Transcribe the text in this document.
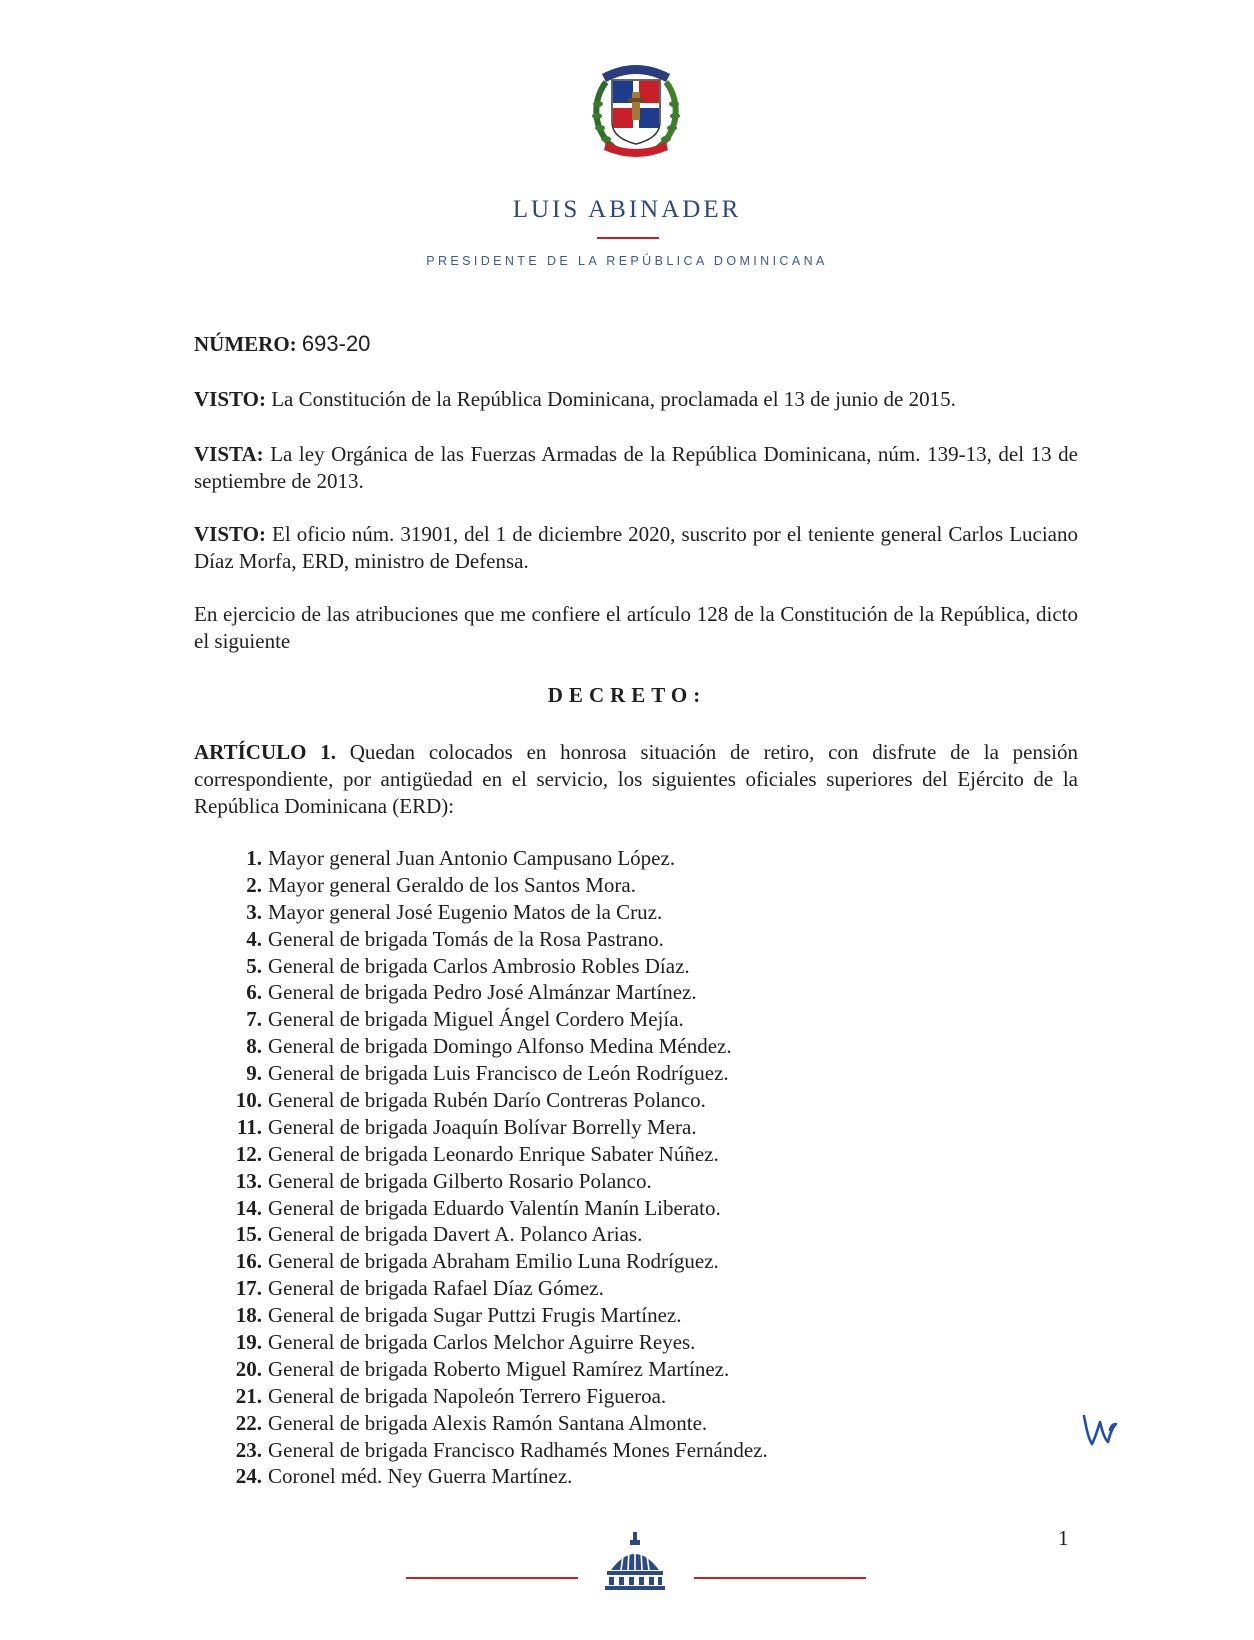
LUIS ABINADER
PRESIDENTE DE LA REPÚBLICA DOMINICANA
NÚMERO: 693-20
VISTO: La Constitución de la República Dominicana, proclamada el 13 de junio de 2015.
VISTA: La ley Orgánica de las Fuerzas Armadas de la República Dominicana, núm. 139-13, del 13 de septiembre de 2013.
VISTO: El oficio núm. 31901, del 1 de diciembre 2020, suscrito por el teniente general Carlos Luciano Díaz Morfa, ERD, ministro de Defensa.
En ejercicio de las atribuciones que me confiere el artículo 128 de la Constitución de la República, dicto el siguiente
DECRETO:
ARTÍCULO 1. Quedan colocados en honrosa situación de retiro, con disfrute de la pensión correspondiente, por antigüedad en el servicio, los siguientes oficiales superiores del Ejército de la República Dominicana (ERD):
1. Mayor general Juan Antonio Campusano López.
2. Mayor general Geraldo de los Santos Mora.
3. Mayor general José Eugenio Matos de la Cruz.
4. General de brigada Tomás de la Rosa Pastrano.
5. General de brigada Carlos Ambrosio Robles Díaz.
6. General de brigada Pedro José Almánzar Martínez.
7. General de brigada Miguel Ángel Cordero Mejía.
8. General de brigada Domingo Alfonso Medina Méndez.
9. General de brigada Luis Francisco de León Rodríguez.
10. General de brigada Rubén Darío Contreras Polanco.
11. General de brigada Joaquín Bolívar Borrelly Mera.
12. General de brigada Leonardo Enrique Sabater Núñez.
13. General de brigada Gilberto Rosario Polanco.
14. General de brigada Eduardo Valentín Manín Liberato.
15. General de brigada Davert A. Polanco Arias.
16. General de brigada Abraham Emilio Luna Rodríguez.
17. General de brigada Rafael Díaz Gómez.
18. General de brigada Sugar Puttzi Frugis Martínez.
19. General de brigada Carlos Melchor Aguirre Reyes.
20. General de brigada Roberto Miguel Ramírez Martínez.
21. General de brigada Napoleón Terrero Figueroa.
22. General de brigada Alexis Ramón Santana Almonte.
23. General de brigada Francisco Radhamés Mones Fernández.
24. Coronel méd. Ney Guerra Martínez.
1
